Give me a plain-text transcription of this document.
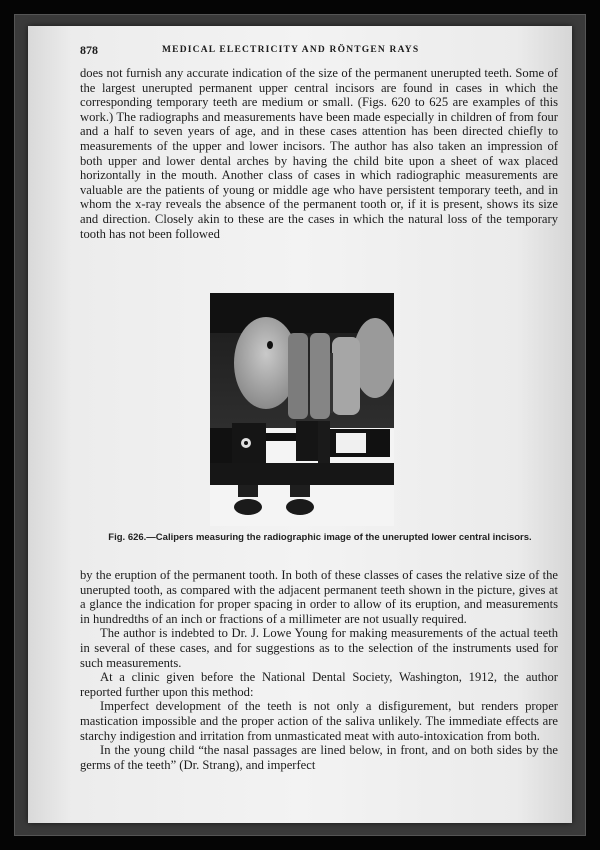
878	MEDICAL ELECTRICITY AND RÖNTGEN RAYS

does not furnish any accurate indication of the size of the permanent unerupted teeth. Some of the largest unerupted permanent upper central incisors are found in cases in which the corresponding temporary teeth are medium or small. (Figs. 620 to 625 are examples of this work.) The radiographs and measurements have been made especially in children of from four and a half to seven years of age, and in these cases attention has been directed chiefly to measurements of the upper and lower incisors. The author has also taken an impression of both upper and lower dental arches by having the child bite upon a sheet of wax placed horizontally in the mouth. Another class of cases in which radiographic measurements are valuable are the patients of young or middle age who have persistent temporary teeth, and in whom the x-ray reveals the absence of the permanent tooth or, if it is present, shows its size and direction. Closely akin to these are the cases in which the natural loss of the temporary tooth has not been followed

Fig. 626.—Calipers measuring the radiographic image of the unerupted lower central incisors.

by the eruption of the permanent tooth. In both of these classes of cases the relative size of the unerupted tooth, as compared with the adjacent permanent teeth shown in the picture, gives at a glance the indication for proper spacing in order to allow of its eruption, and measurements in hundredths of an inch or fractions of a millimeter are not usually required.

The author is indebted to Dr. J. Lowe Young for making measurements of the actual teeth in several of these cases, and for suggestions as to the selection of the instruments used for such measurements.

At a clinic given before the National Dental Society, Washington, 1912, the author reported further upon this method:

Imperfect development of the teeth is not only a disfigurement, but renders proper mastication impossible and the proper action of the saliva unlikely. The immediate effects are starchy indigestion and irritation from unmasticated meat with auto-intoxication from both.

In the young child “the nasal passages are lined below, in front, and on both sides by the germs of the teeth” (Dr. Strang), and imperfect
